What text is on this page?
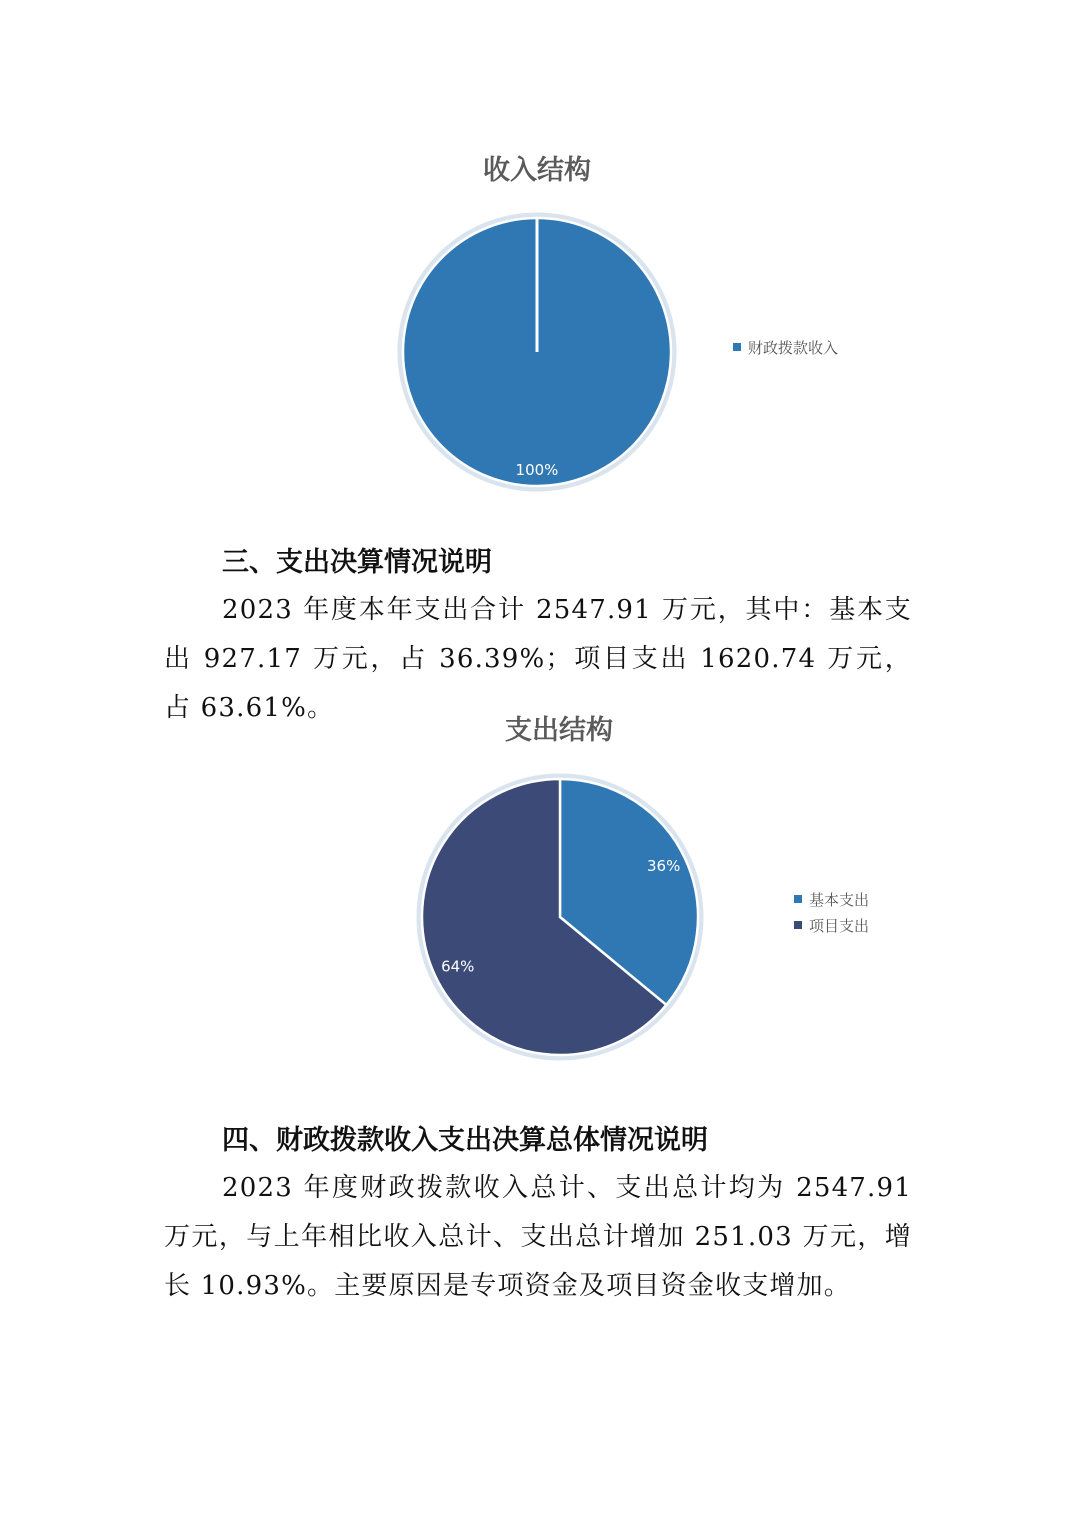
收入结构
100%
财政拨款收入
三、支出决算情况说明

2023 年度本年支出合计 2547.91 万元，其中：基本支出 927.17 万元，占 36.39%；项目支出 1620.74 万元，占 63.61%。

支出结构
36%
64%
基本支出
项目支出
四、财政拨款收入支出决算总体情况说明

2023 年度财政拨款收入总计、支出总计均为 2547.91 万元，与上年相比收入总计、支出总计增加 251.03 万元，增长 10.93%。主要原因是专项资金及项目资金收支增加。
